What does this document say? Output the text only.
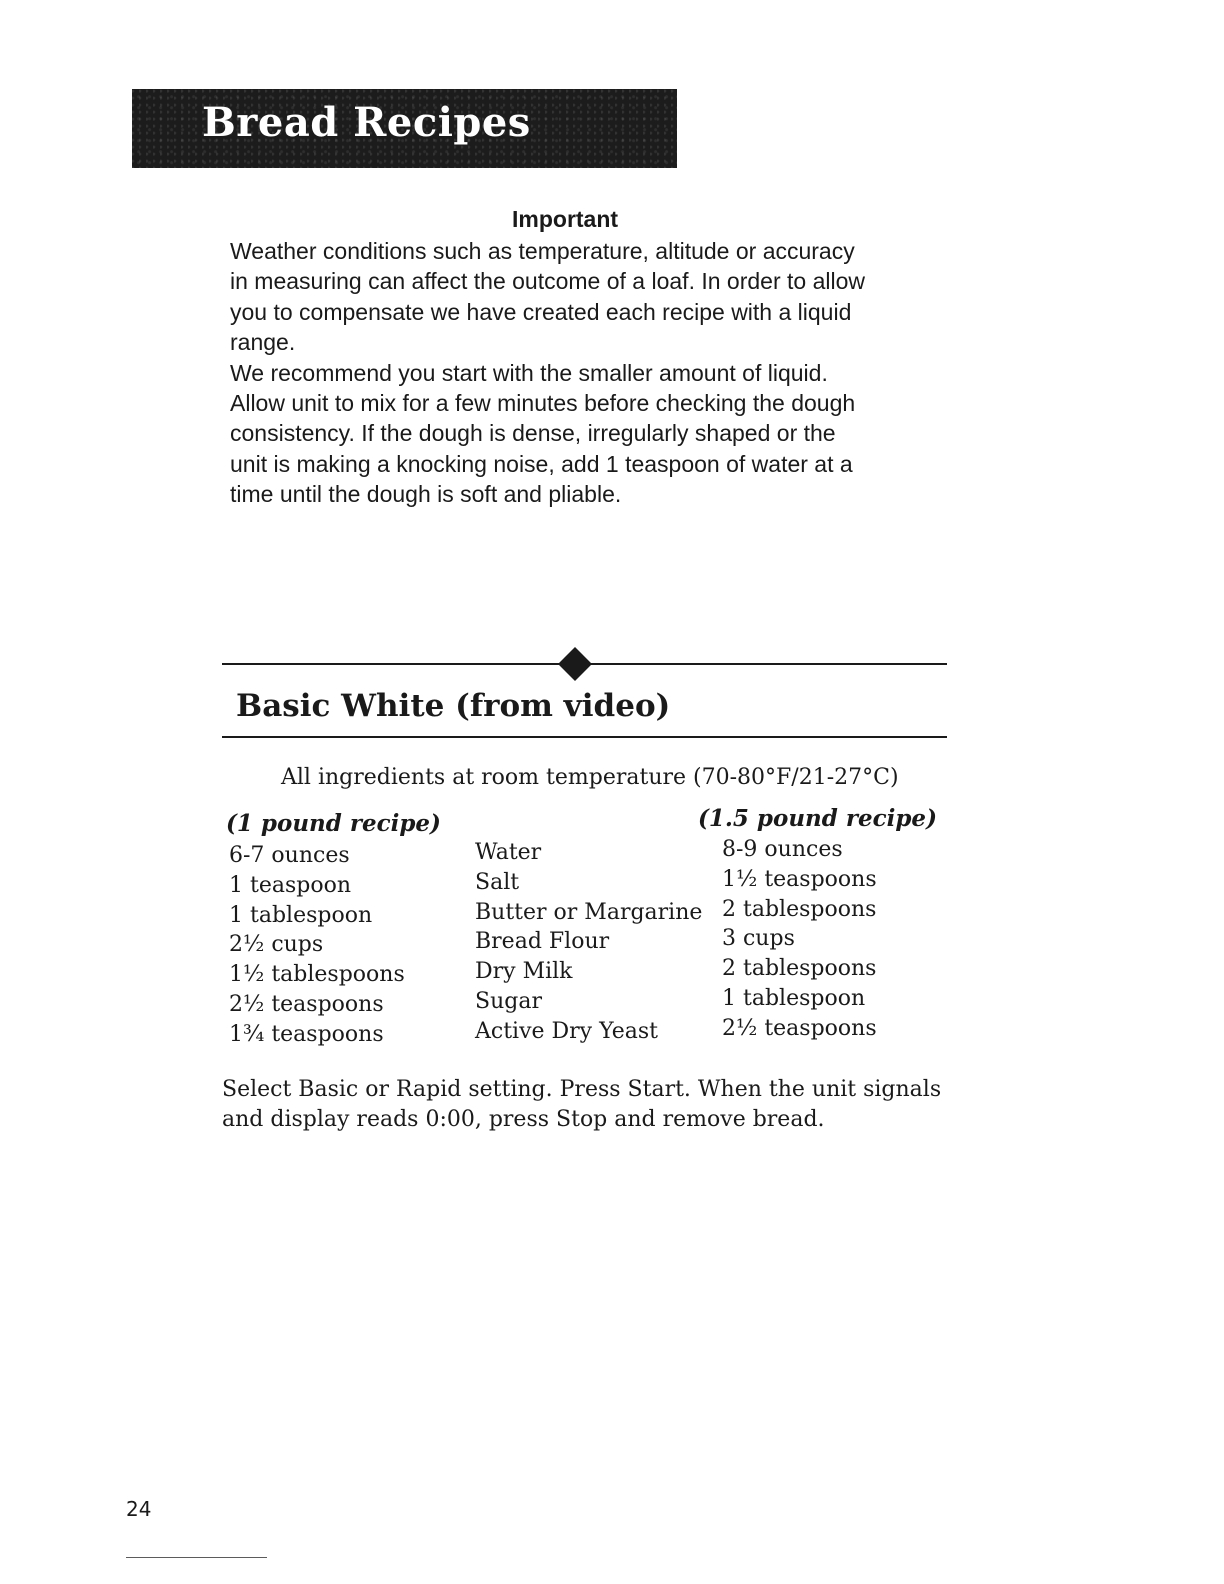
Bread Recipes
Important

Weather conditions such as temperature, altitude or accuracy

in measuring can affect the outcome of a loaf. In order to allow

you to compensate we have created each recipe with a liquid

range.

We recommend you start with the smaller amount of liquid.

Allow unit to mix for a few minutes before checking the dough

consistency. If the dough is dense, irregularly shaped or the

unit is making a knocking noise, add 1 teaspoon of water at a

time until the dough is soft and pliable.

Basic White (from video)
All ingredients at room temperature (70-80°F/21-27°C)
(1 pound recipe)	(1.5 pound recipe)
6-7 ounces
1 teaspoon
1 tablespoon
2½ cups
1½ tablespoons
2½ teaspoons
1¾ teaspoons
Water
Salt
Butter or Margarine
Bread Flour
Dry Milk
Sugar
Active Dry Yeast
8-9 ounces
1½ teaspoons
2 tablespoons
3 cups
2 tablespoons
1 tablespoon
2½ teaspoons
Select Basic or Rapid setting. Press Start. When the unit signals
and display reads 0:00, press Stop and remove bread.
24
